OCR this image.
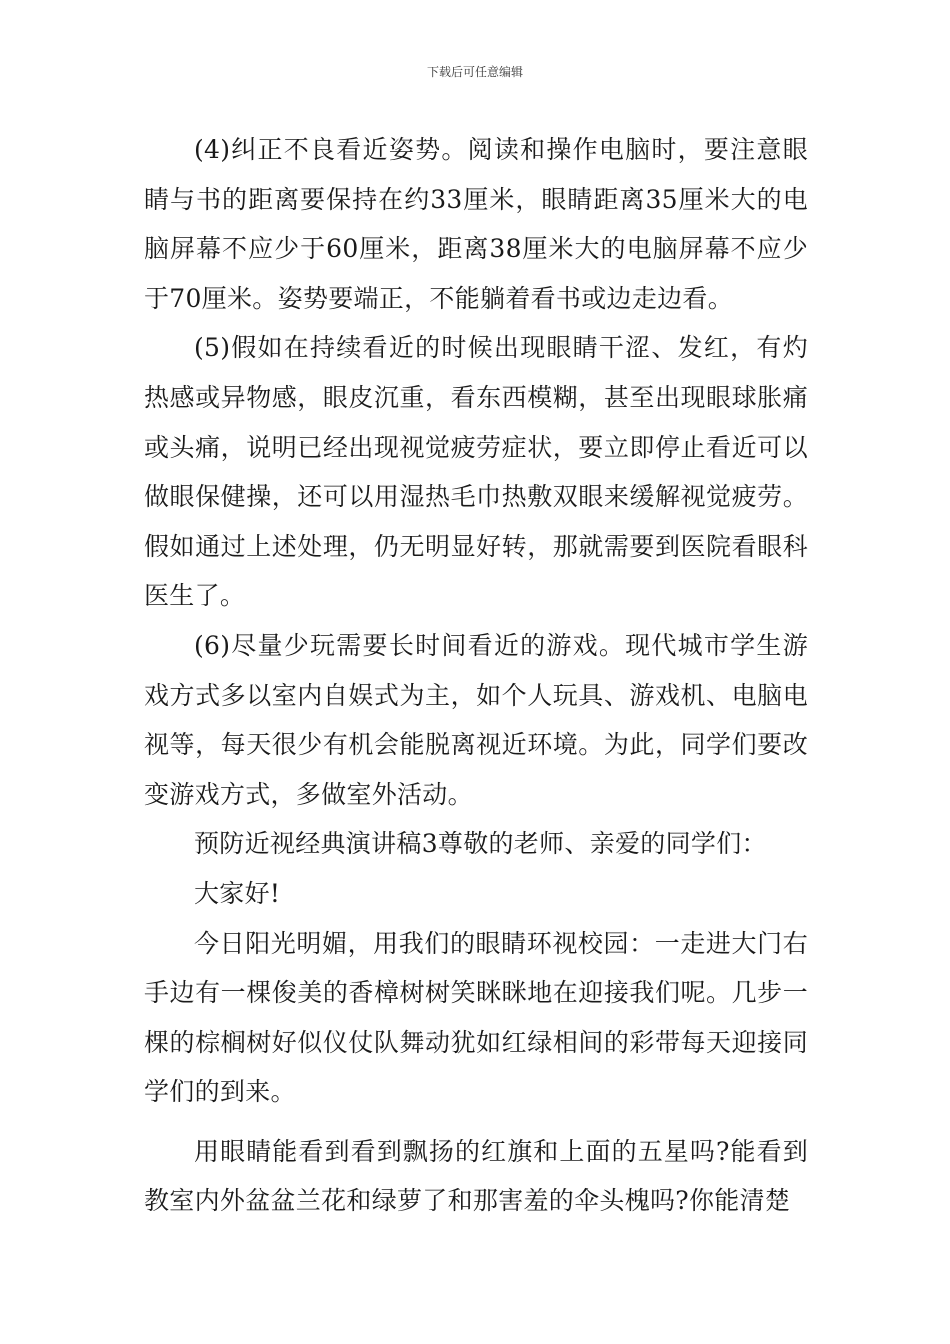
下载后可任意编辑

(4)纠正不良看近姿势。阅读和操作电脑时，要注意眼睛与书的距离要保持在约33厘米，眼睛距离35厘米大的电脑屏幕不应少于60厘米，距离38厘米大的电脑屏幕不应少于70厘米。姿势要端正，不能躺着看书或边走边看。

(5)假如在持续看近的时候出现眼睛干涩、发红，有灼热感或异物感，眼皮沉重，看东西模糊，甚至出现眼球胀痛或头痛，说明已经出现视觉疲劳症状，要立即停止看近可以做眼保健操，还可以用湿热毛巾热敷双眼来缓解视觉疲劳。假如通过上述处理，仍无明显好转，那就需要到医院看眼科医生了。

(6)尽量少玩需要长时间看近的游戏。现代城市学生游戏方式多以室内自娱式为主，如个人玩具、游戏机、电脑电视等，每天很少有机会能脱离视近环境。为此，同学们要改变游戏方式，多做室外活动。

预防近视经典演讲稿3尊敬的老师、亲爱的同学们：

大家好!

今日阳光明媚，用我们的眼睛环视校园：一走进大门右手边有一棵俊美的香樟树树笑眯眯地在迎接我们呢。几步一棵的棕榈树好似仪仗队舞动犹如红绿相间的彩带每天迎接同学们的到来。

用眼睛能看到看到飘扬的红旗和上面的五星吗?能看到教室内外盆盆兰花和绿萝了和那害羞的伞头槐吗?你能清楚
